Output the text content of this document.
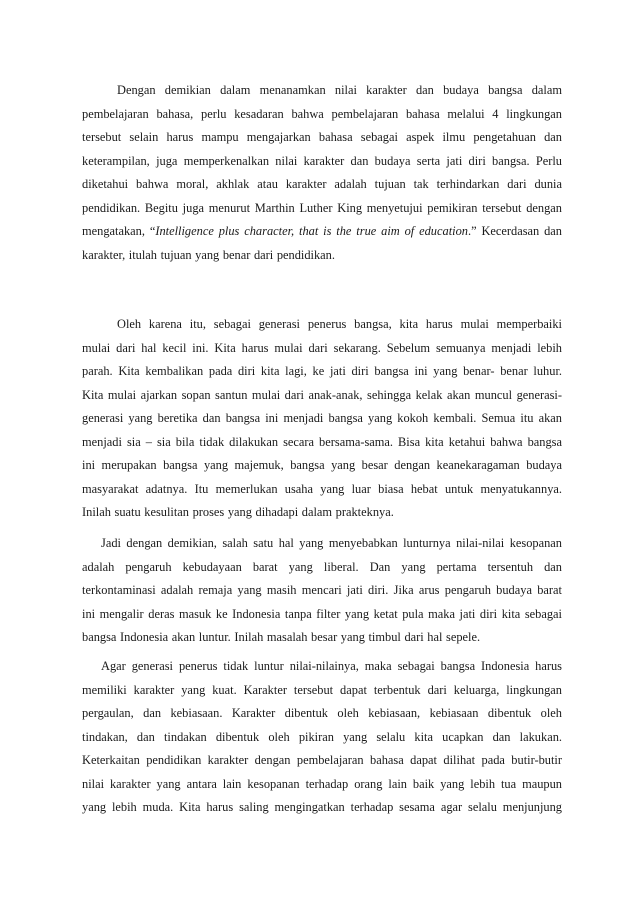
Dengan demikian dalam menanamkan nilai karakter dan budaya bangsa dalam
pembelajaran bahasa, perlu kesadaran bahwa pembelajaran bahasa melalui 4 lingkungan
tersebut selain harus mampu mengajarkan bahasa sebagai aspek ilmu pengetahuan dan
keterampilan, juga memperkenalkan nilai karakter dan budaya serta jati diri bangsa. Perlu
diketahui bahwa moral, akhlak atau karakter adalah tujuan tak terhindarkan dari dunia
pendidikan. Begitu juga menurut Marthin Luther King menyetujui pemikiran tersebut dengan
mengatakan, “Intelligence plus character, that is the true aim of education.” Kecerdasan dan
karakter, itulah tujuan yang benar dari pendidikan.
Oleh karena itu, sebagai generasi penerus bangsa, kita harus mulai memperbaiki
mulai dari hal kecil ini. Kita harus mulai dari sekarang. Sebelum semuanya menjadi lebih
parah. Kita kembalikan pada diri kita lagi, ke jati diri bangsa ini yang benar- benar luhur.
Kita mulai ajarkan sopan santun mulai dari anak-anak, sehingga kelak akan muncul generasi-
generasi yang beretika dan bangsa ini menjadi bangsa yang kokoh kembali. Semua itu akan
menjadi sia – sia bila tidak dilakukan secara bersama-sama. Bisa kita ketahui bahwa bangsa
ini merupakan bangsa yang majemuk, bangsa yang besar dengan keanekaragaman budaya
masyarakat adatnya. Itu memerlukan usaha yang luar biasa hebat untuk menyatukannya.
Inilah suatu kesulitan proses yang dihadapi dalam prakteknya.
Jadi dengan demikian, salah satu hal yang menyebabkan lunturnya nilai-nilai kesopanan
adalah pengaruh kebudayaan barat yang liberal. Dan yang pertama tersentuh dan
terkontaminasi adalah remaja yang masih mencari jati diri. Jika arus pengaruh budaya barat
ini mengalir deras masuk ke Indonesia tanpa filter yang ketat pula maka jati diri kita sebagai
bangsa Indonesia akan luntur. Inilah masalah besar yang timbul dari hal sepele.
Agar generasi penerus tidak luntur nilai-nilainya, maka sebagai bangsa Indonesia harus
memiliki karakter yang kuat. Karakter tersebut dapat terbentuk dari keluarga, lingkungan
pergaulan, dan kebiasaan. Karakter dibentuk oleh kebiasaan, kebiasaan dibentuk oleh
tindakan, dan tindakan dibentuk oleh pikiran yang selalu kita ucapkan dan lakukan.
Keterkaitan pendidikan karakter dengan pembelajaran bahasa dapat dilihat pada butir-butir
nilai karakter yang antara lain kesopanan terhadap orang lain baik yang lebih tua maupun
yang lebih muda. Kita harus saling mengingatkan terhadap sesama agar selalu menjunjung
